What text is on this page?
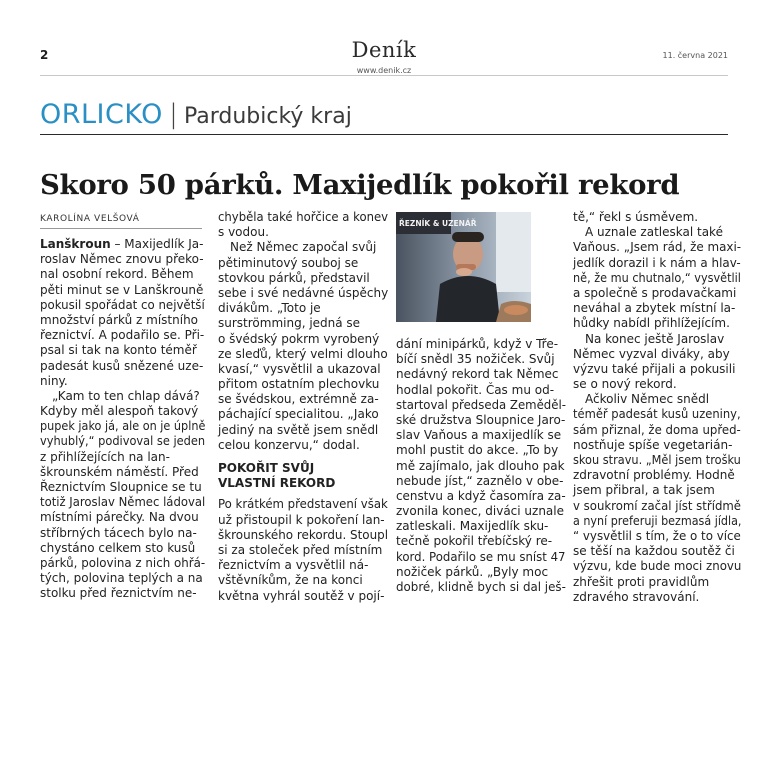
2	Deník
www.denik.cz
11. června 2021
ORLICKO | Pardubický kraj
Skoro 50 párků. Maxijedlík pokořil rekord
KAROLÍNA VELŠOVÁ
Lanškroun – Maxijedlík Ja-
roslav Němec znovu překo-
nal osobní rekord. Během
pěti minut se v Lanškrouně
pokusil spořádat co největší
množství párků z místního
řeznictví. A podařilo se. Při-
psal si tak na konto téměř
padesát kusů snězené uze-
niny.
„Kam to ten chlap dává?
Kdyby měl alespoň takový
pupek jako já, ale on je úplně
vyhublý,“ podivoval se jeden
z přihlížejících na lan-
škrounském náměstí. Před
Řeznictvím Sloupnice se tu
totiž Jaroslav Němec ládoval
místními párečky. Na dvou
stříbrných tácech bylo na-
chystáno celkem sto kusů
párků, polovina z nich ohřá-
tých, polovina teplých a na
stolku před řeznictvím ne-
chyběla také hořčice a konev
s vodou.
Než Němec započal svůj
pětiminutový souboj se
stovkou párků, představil
sebe i své nedávné úspěchy
divákům. „Toto je
surströmming, jedná se
o švédský pokrm vyrobený
ze sleďů, který velmi dlouho
kvasí,“ vysvětlil a ukazoval
přitom ostatním plechovku
se švédskou, extrémně za-
páchající specialitou. „Jako
jediný na světě jsem snědl
celou konzervu,“ dodal.
POKOŘIT SVŮJ
VLASTNÍ REKORD
Po krátkém představení však
už přistoupil k pokoření lan-
škrounského rekordu. Stoupl
si za stoleček před místním
řeznictvím a vysvětlil ná-
vštěvníkům, že na konci
května vyhrál soutěž v pojí-
ŘEZNÍK & UZENÁŘ
dání minipárků, když v Tře-
bíčí snědl 35 nožiček. Svůj
nedávný rekord tak Němec
hodlal pokořit. Čas mu od-
startoval předseda Zeměděl-
ské družstva Sloupnice Jaro-
slav Vaňous a maxijedlík se
mohl pustit do akce. „To by
mě zajímalo, jak dlouho pak
nebude jíst,“ zaznělo v obe-
censtvu a když časomíra za-
zvonila konec, diváci uznale
zatleskali. Maxijedlík sku-
tečně pokořil třebíčský re-
kord. Podařilo se mu sníst 47
nožiček párků. „Byly moc
dobré, klidně bych si dal ješ-
tě,“ řekl s úsměvem.
A uznale zatleskal také
Vaňous. „Jsem rád, že maxi-
jedlík dorazil i k nám a hlav-
ně, že mu chutnalo,“ vysvětlil
a společně s prodavačkami
neváhal a zbytek místní la-
hůdky nabídl přihlížejícím.
Na konec ještě Jaroslav
Němec vyzval diváky, aby
výzvu také přijali a pokusili
se o nový rekord.
Ačkoliv Němec snědl
téměř padesát kusů uzeniny,
sám přiznal, že doma upřed-
nostňuje spíše vegetarián-
skou stravu. „Měl jsem trošku
zdravotní problémy. Hodně
jsem přibral, a tak jsem
v soukromí začal jíst střídmě
a nyní preferuji bezmasá jídla,
“ vysvětlil s tím, že o to více
se těší na každou soutěž či
výzvu, kde bude moci znovu
zhřešit proti pravidlům
zdravého stravování.
